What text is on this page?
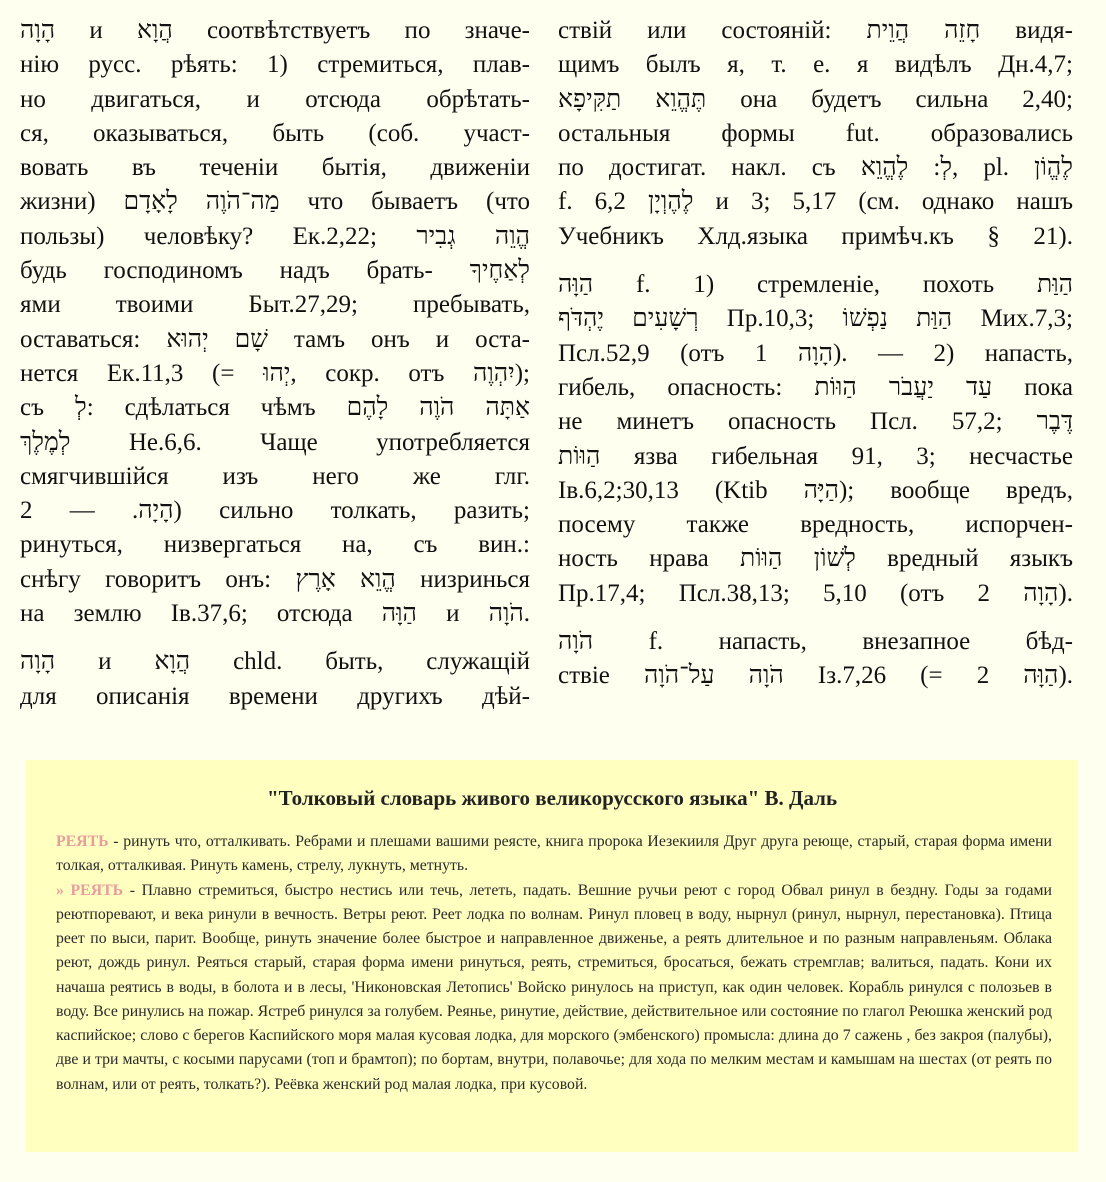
הָוָה и הֲוָא соотвѣтствуетъ по значе-
нію русс. рѣять: 1) стремиться, плав-
но двигаться, и отсюда обрѣтать-
ся, оказываться, быть (соб. участ-
вовать въ теченіи бытія, движеніи
жизни) מַה־הֹוֶה לָאָדָם что бываетъ (что
пользы) человѣку? Ек.2,22; הֱוֵה גְבִיר
будь господиномъ надъ брать- לְאַחֶיךָ
ями твоими Быт.27,29; пребывать,
оставаться: שָׁם יְהוּא тамъ онъ и оста-
нется Ек.11,3 (= יְהוּ, сокр. отъ יִהְוֶה);
съ לְ: сдѣлаться чѣмъ אַתָּה הֹוֶה לָהֶם
לְמֶלֶךְ Не.6,6. Чаще употребляется
смягчившійся изъ него же глг.
הָיָה. — 2) сильно толкать, разить;
ринуться, низвергаться на, съ вин.:
снѣгу говоритъ онъ: הֱוֵא אָרֶץ низринься
на землю Ів.37,6; отсюда הַוָּה и הֹוָה.
הָוָה и הֲוָא chld. быть, служащій
для описанія времени другихъ дѣй-
ствій или состояній: חָזֵה הֲוֵית видя-
щимъ былъ я, т. е. я видѣлъ Дн.4,7;
תֶּהֱוֵא תַקִּיפָא она будетъ сильна 2,40;
остальныя формы fut. образовались
по достигат. накл. съ לְ: לֶהֱוֵא, pl. לֶהֱוֹן
f. לֶהֶוְיָן 6,2 и 3; 5,17 (см. однако нашъ
Учебникъ Хлд.языка примѣч.къ § 21).
הַוָּה f. 1) стремленіе, похоть הַוַּת
רְשָׁעִים יֶהְדֹּף Пр.10,3; הַוַּת נַפְשׁוֹ Мих.7,3;
Псл.52,9 (отъ הָוָה 1). — 2) напасть,
гибель, опасность: עַד יַעֲבֹר הַוּוֹת пока
не минетъ опасность Псл. 57,2; דֶּבֶר
הַוּוֹת язва гибельная 91, 3; несчастье
Iв.6,2;30,13 (Ktib הַיָּה); вообще вредъ,
посему также вредность, испорчен-
ность нрава לְשׁוֹן הַוּוֹת вредный языкъ
Пр.17,4; Псл.38,13; 5,10 (отъ הָוָה 2).
הֹוָה f. напасть, внезапное бѣд-
ствіе הֹוָה עַל־הֹוָה Iз.7,26 (= הַוָּה 2).
"Толковый словарь живого великорусского языка" В. Даль
РЕЯТЬ - ринуть что, отталкивать. Ребрами и плешами вашими реясте, книга пророка Иезекииля Друг друга реюще, старый, старая форма имени толкая, отталкивая. Ринуть камень, стрелу, лукнуть, метнуть.
» РЕЯТЬ - Плавно стремиться, быстро нестись или течь, лететь, падать. Вешние ручьи реют с город Обвал ринул в бездну. Годы за годами реютпоревают, и века ринули в вечность. Ветры реют. Реет лодка по волнам. Ринул пловец в воду, нырнул (ринул, нырнул, перестановка). Птица реет по выси, парит. Вообще, ринуть значение более быстрое и направленное движенье, а реять длительное и по разным направленьям. Облака реют, дождь ринул. Реяться старый, старая форма имени ринуться, реять, стремиться, бросаться, бежать стремглав; валиться, падать. Кони их начаша реятись в воды, в болота и в лесы, 'Никоновская Летопись' Войско ринулось на приступ, как один человек. Корабль ринулся с полозьев в воду. Все ринулись на пожар. Ястреб ринулся за голубем. Реянье, ринутие, действие, действительное или состояние по глагол Реюшка женский род каспийское; слово с берегов Каспийского моря малая кусовая лодка, для морского (эмбенского) промысла: длина до 7 сажень , без закроя (палубы), две и три мачты, с косыми парусами (топ и брамтоп); по бортам, внутри, полавочье; для хода по мелким местам и камышам на шестах (от реять по волнам, или от реять, толкать?). Реёвка женский род малая лодка, при кусовой.
